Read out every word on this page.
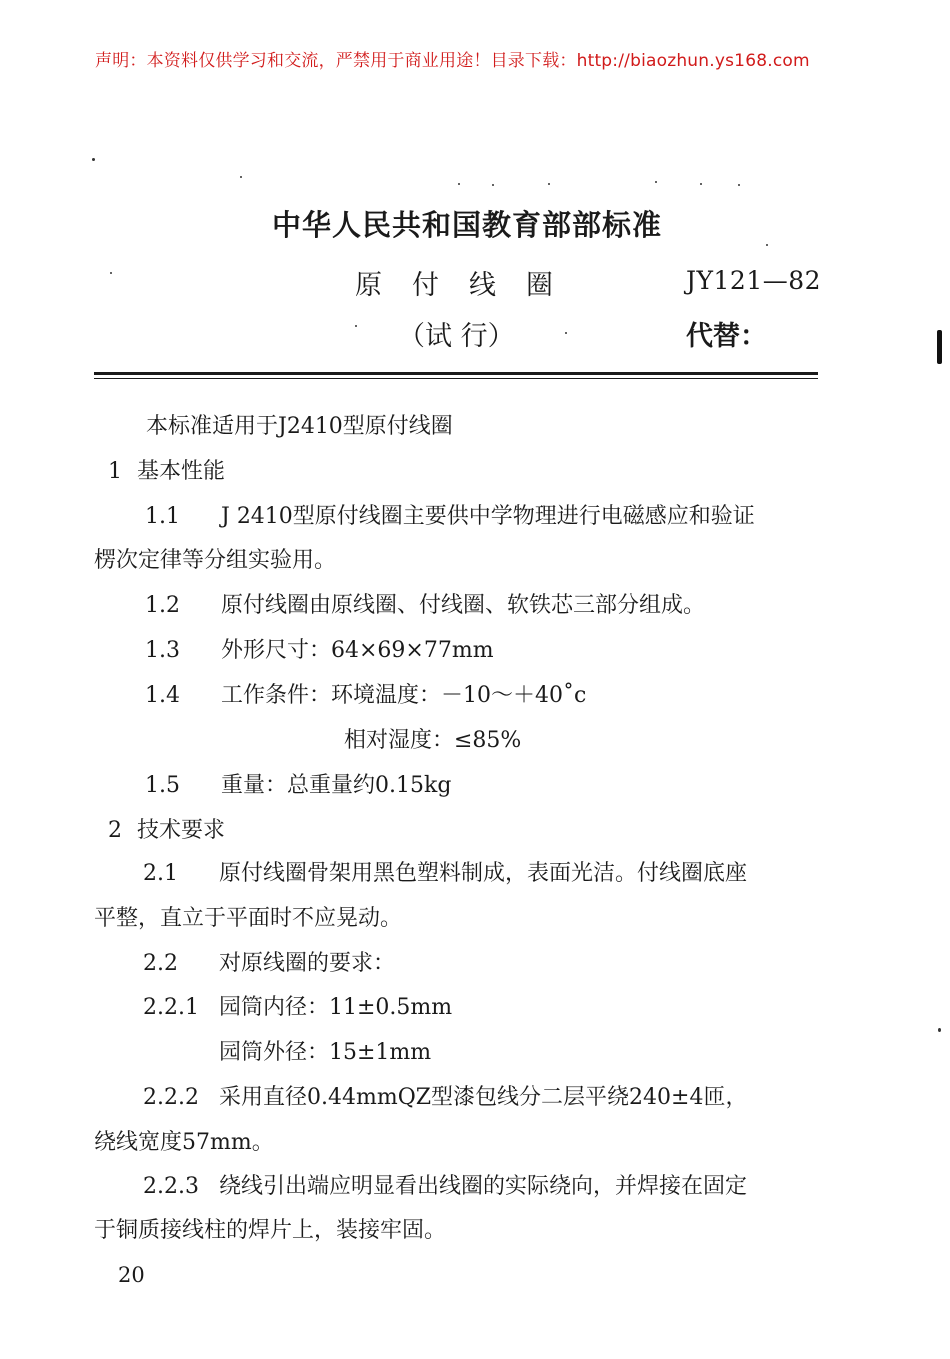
声明：本资料仅供学习和交流，严禁用于商业用途！目录下载：http://biaozhun.ys168.com
中华人民共和国教育部部标准
原付线圈	JY121—82
（试 行）	代替：
本标准适用于J2410型原付线圈
1 基本性能
1.1 J 2410型原付线圈主要供中学物理进行电磁感应和验证
楞次定律等分组实验用。
1.2 原付线圈由原线圈、付线圈、软铁芯三部分组成。
1.3 外形尺寸：64×69×77mm
1.4 工作条件：环境温度：－10～＋40˚c
相对湿度：≤85%
1.5 重量：总重量约0.15kg
2 技术要求
2.1 原付线圈骨架用黑色塑料制成，表面光洁。付线圈底座
平整，直立于平面时不应晃动。
2.2 对原线圈的要求：
2.2.1 园筒内径：11±0.5mm
园筒外径：15±1mm
2.2.2 采用直径0.44mmQZ型漆包线分二层平绕240±4匝，
绕线宽度57mm。
2.2.3 绕线引出端应明显看出线圈的实际绕向，并焊接在固定
于铜质接线柱的焊片上，装接牢固。
20
